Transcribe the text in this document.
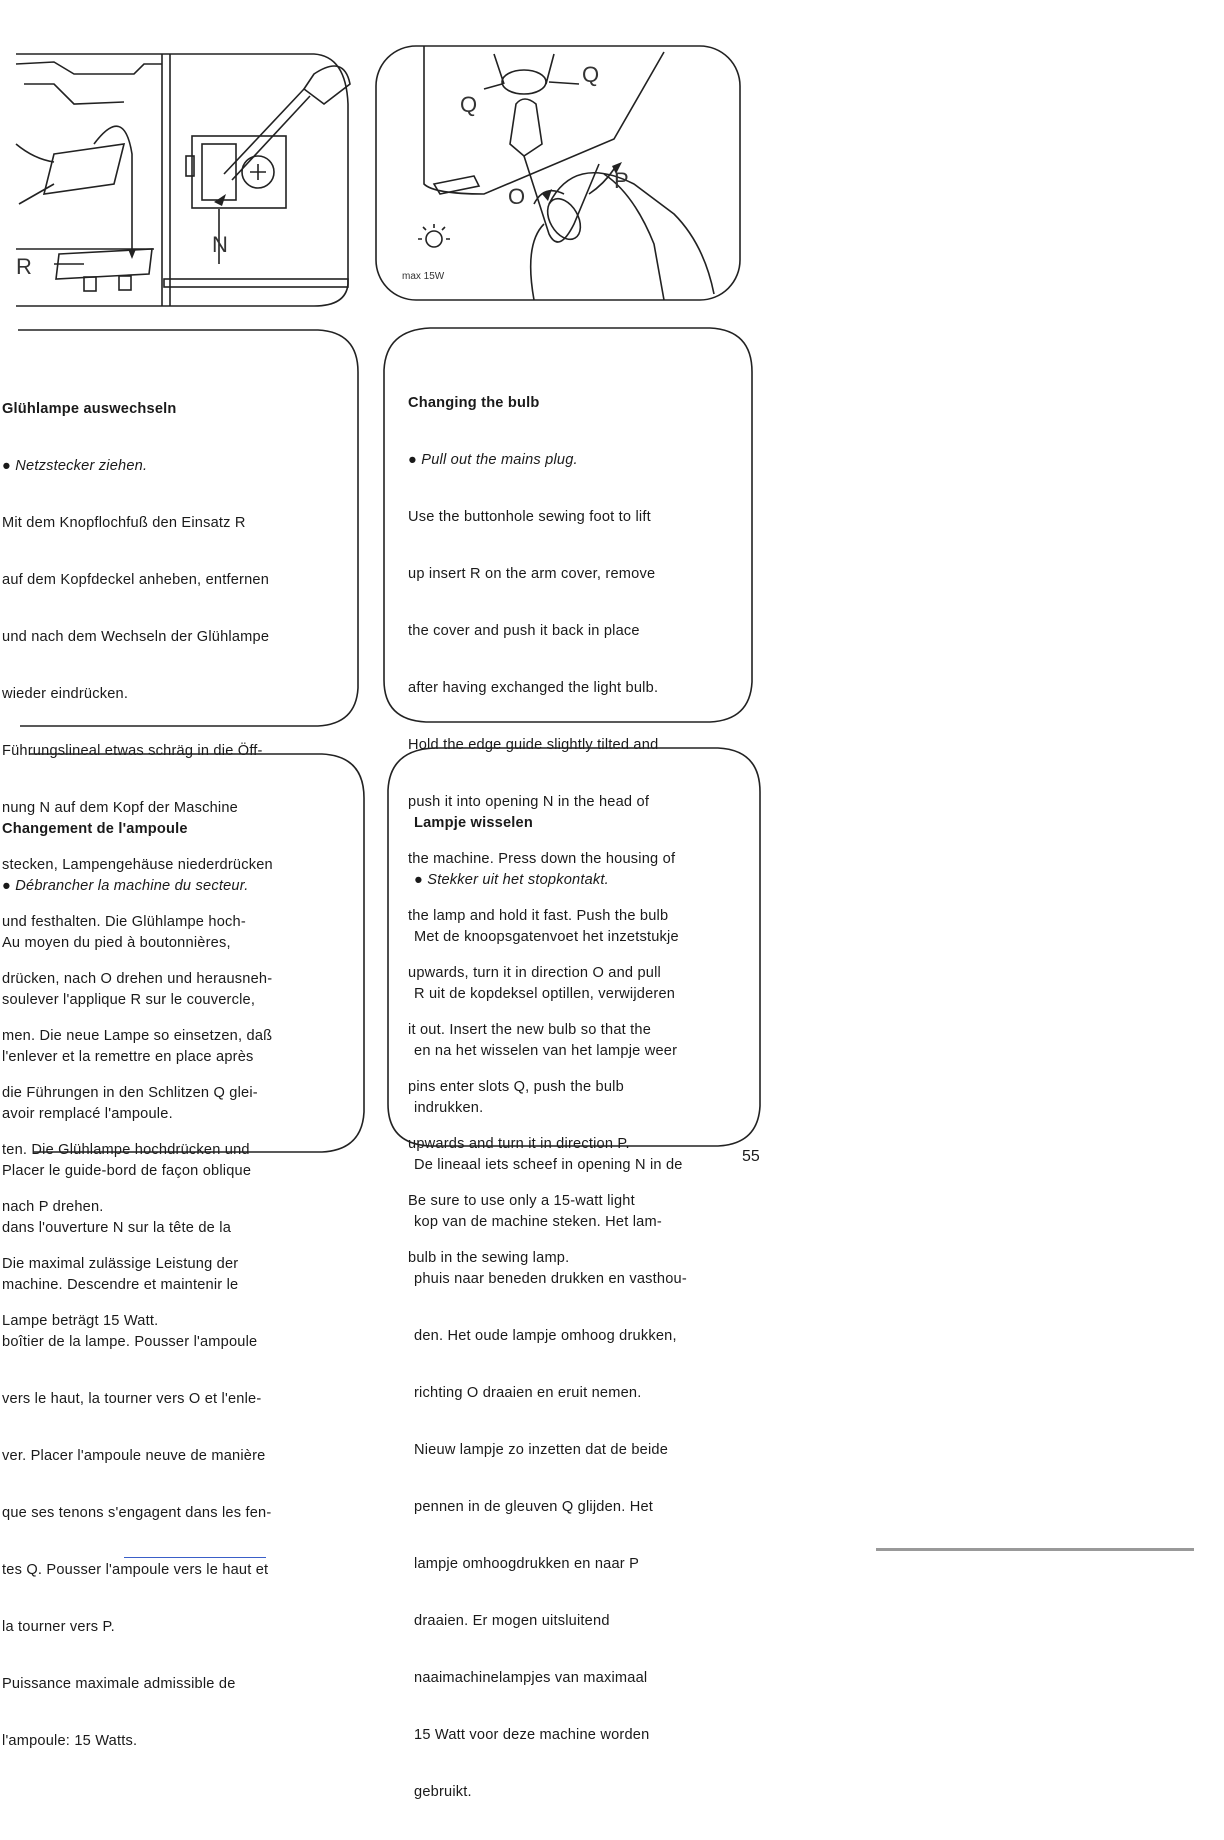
N
R
Q
Q
O
P
max 15W

Glühlampe auswechseln

● Netzstecker ziehen.

Mit dem Knopflochfuß den Einsatz R

auf dem Kopfdeckel anheben, entfernen

und nach dem Wechseln der Glühlampe

wieder eindrücken.

Führungslineal etwas schräg in die Öff-

nung N auf dem Kopf der Maschine

stecken, Lampengehäuse niederdrücken

und festhalten. Die Glühlampe hoch-

drücken, nach O drehen und herausneh-

men. Die neue Lampe so einsetzen, daß

die Führungen in den Schlitzen Q glei-

ten. Die Glühlampe hochdrücken und

nach P drehen.

Die maximal zulässige Leistung der

Lampe beträgt 15 Watt.

Changing the bulb

● Pull out the mains plug.

Use the buttonhole sewing foot to lift

up insert R on the arm cover, remove

the cover and push it back in place

after having exchanged the light bulb.

Hold the edge guide slightly tilted and

push it into opening N in the head of

the machine. Press down the housing of

the lamp and hold it fast. Push the bulb

upwards, turn it in direction O and pull

it out. Insert the new bulb so that the

pins enter slots Q, push the bulb

upwards and turn it in direction P.

Be sure to use only a 15-watt light

bulb in the sewing lamp.

Changement de l'ampoule

● Débrancher la machine du secteur.

Au moyen du pied à boutonnières,

soulever l'applique R sur le couvercle,

l'enlever et la remettre en place après

avoir remplacé l'ampoule.

Placer le guide-bord de façon oblique

dans l'ouverture N sur la tête de la

machine. Descendre et maintenir le

boîtier de la lampe. Pousser l'ampoule

vers le haut, la tourner vers O et l'enle-

ver. Placer l'ampoule neuve de manière

que ses tenons s'engagent dans les fen-

tes Q. Pousser l'ampoule vers le haut et

la tourner vers P.

Puissance maximale admissible de

l'ampoule: 15 Watts.

Lampje wisselen

● Stekker uit het stopkontakt.

Met de knoopsgatenvoet het inzetstukje

R uit de kopdeksel optillen, verwijderen

en na het wisselen van het lampje weer

indrukken.

De lineaal iets scheef in opening N in de

kop van de machine steken. Het lam-

phuis naar beneden drukken en vasthou-

den. Het oude lampje omhoog drukken,

richting O draaien en eruit nemen.

Nieuw lampje zo inzetten dat de beide

pennen in de gleuven Q glijden. Het

lampje omhoogdrukken en naar P

draaien. Er mogen uitsluitend

naaimachinelampjes van maximaal

15 Watt voor deze machine worden

gebruikt.

55
